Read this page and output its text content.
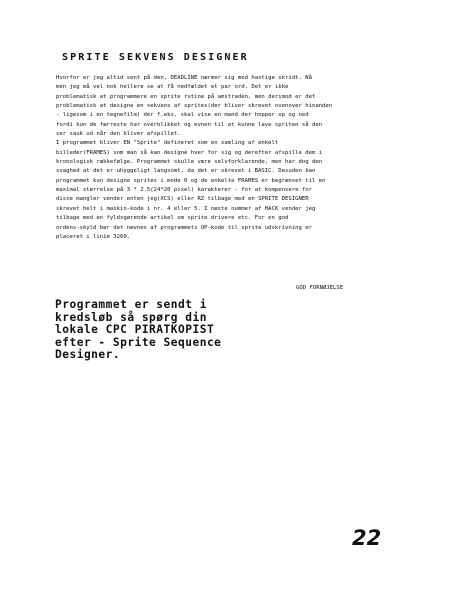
SPRITE SEKVENS DESIGNER
Hvorfor er jeg altid sent på den, DEADLINE nærmer sig med hastige skridt. Nå
men jeg må vel nok hellere se at få nedfældet et par ord. Det er ikke
problematisk at programmere en sprite rutine på amstraden, men derimod er det
problematisk at designe en sekvens af sprites(der bliver skrevet ovenover hinanden
- ligesom i en tegnefilm) der f.eks. skal vise en mand der hopper op og ned
fordi kun de færreste har overblikket og evnen til at kunne lave spriten så den
ser sauk ud når den bliver afspillet.
I programmet bliver EN "Sprite" defineret som en samling af enkelt
billeder(FRAMES) som man så kan designe hver for sig og derefter afspille dem i
kronologisk rækkefølge. Programmet skulle være selvforklarende, men har dog den
svaghed at det er uhyggeligt langsomt, da det er skrevet i BASIC. Desuden kan
programmet kun designe sprites i mode 0 og de enkelte FRAMES er begrænset til en
maximal størrelse på 3 * 2.5(24*20 pixel) karakterer - for at kompensere for
disse mangler vender enten jeg(XCS) eller RZ tilbage med en SPRITE DESIGNER
skrevet helt i maskin-kode i nr. 4 eller 5. I næste nummer af HACK vender jeg
tilbage med en fyldsgørende artikel om sprite drivere etc. For en god
ordens-skyld bør det nævnes af programmets OP-kode til sprite udskrivning er
placeret i linie 3260.
GOD FORNØJELSE
Programmet er sendt i
kredsløb så spørg din
lokale CPC PIRATKOPIST
efter - Sprite Sequence
Designer.
22
